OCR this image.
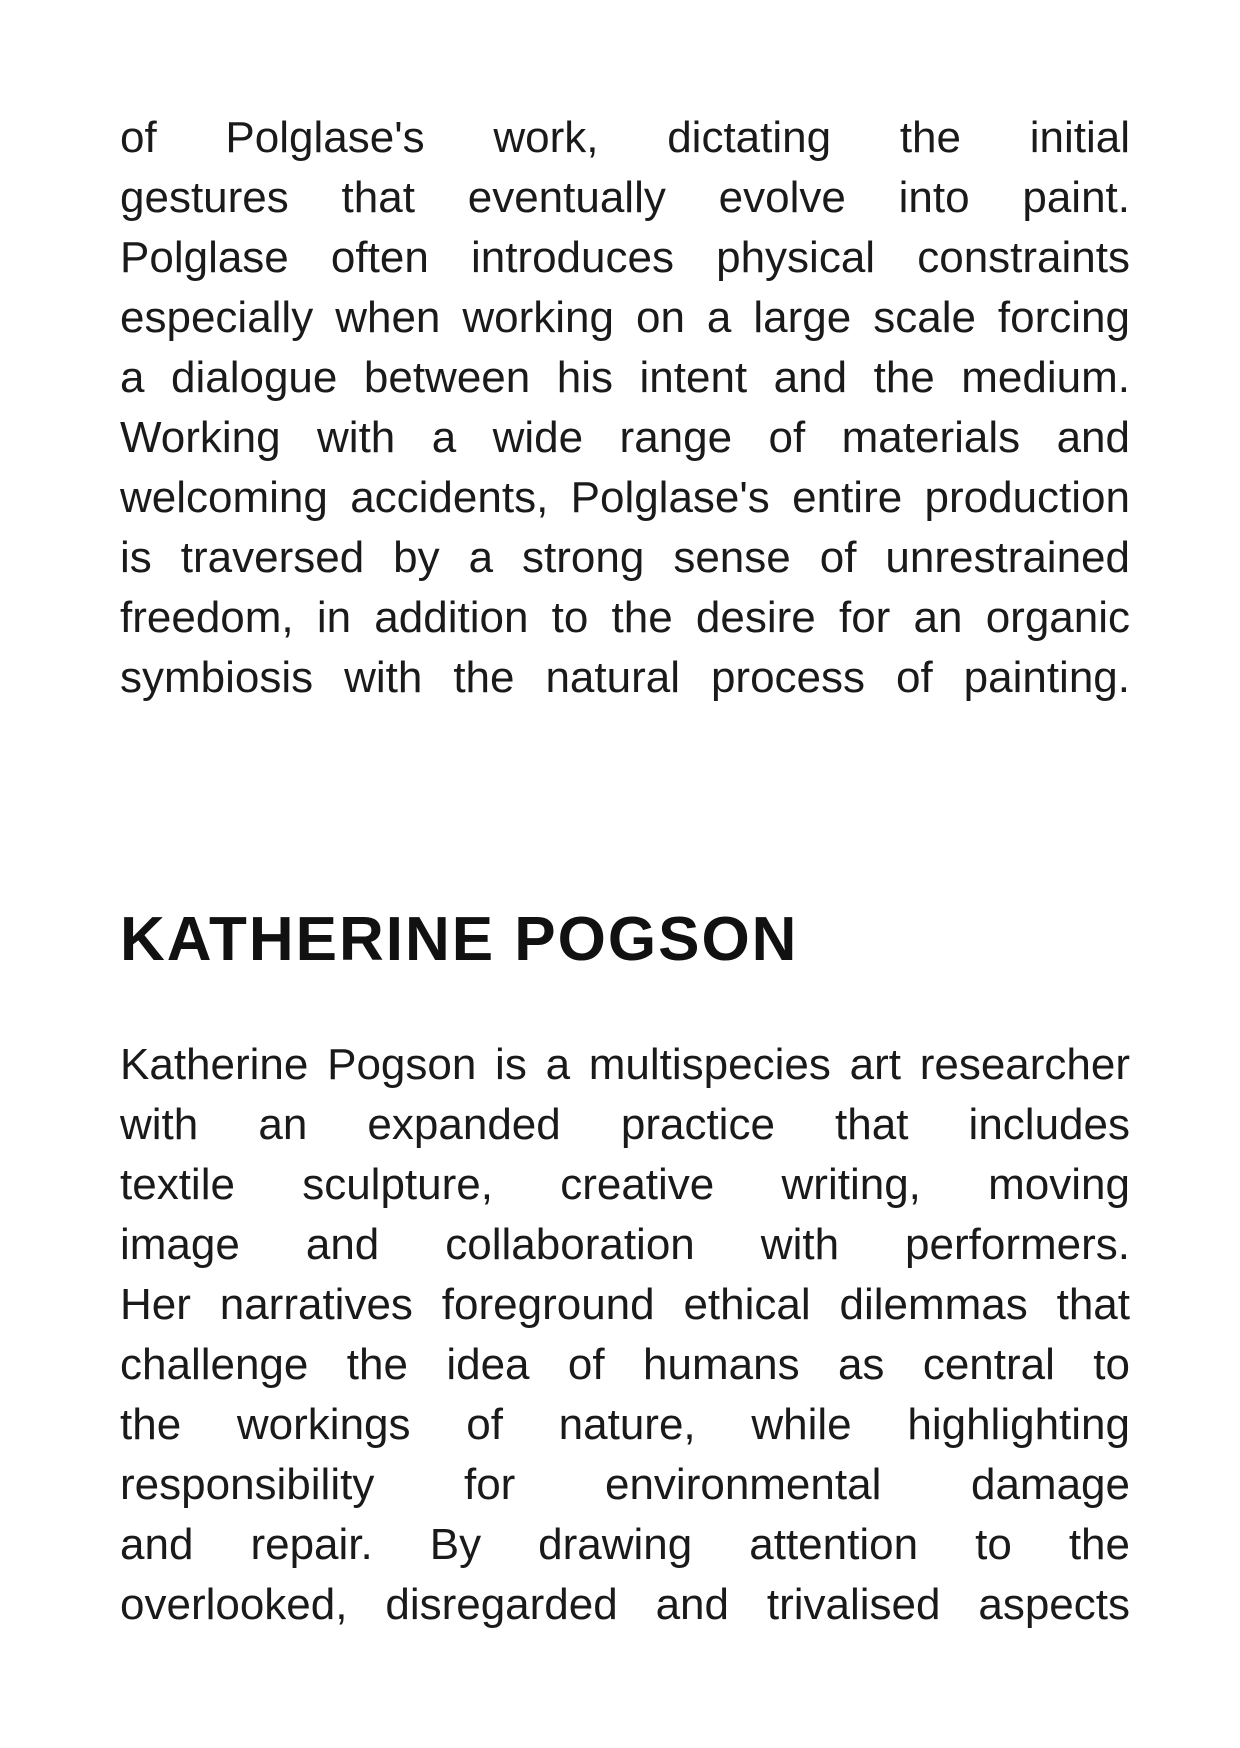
of Polglase's work, dictating the initial
gestures that eventually evolve into paint.
Polglase often introduces physical constraints
especially when working on a large scale forcing
a dialogue between his intent and the medium.
Working with a wide range of materials and
welcoming accidents, Polglase's entire production
is traversed by a strong sense of unrestrained
freedom, in addition to the desire for an organic
symbiosis with the natural process of painting.

KATHERINE POGSON

Katherine Pogson is a multispecies art researcher
with an expanded practice that includes
textile sculpture, creative writing, moving
image and collaboration with performers.
Her narratives foreground ethical dilemmas that
challenge the idea of humans as central to
the workings of nature, while highlighting
responsibility for environmental damage
and repair. By drawing attention to the
overlooked, disregarded and trivalised aspects
